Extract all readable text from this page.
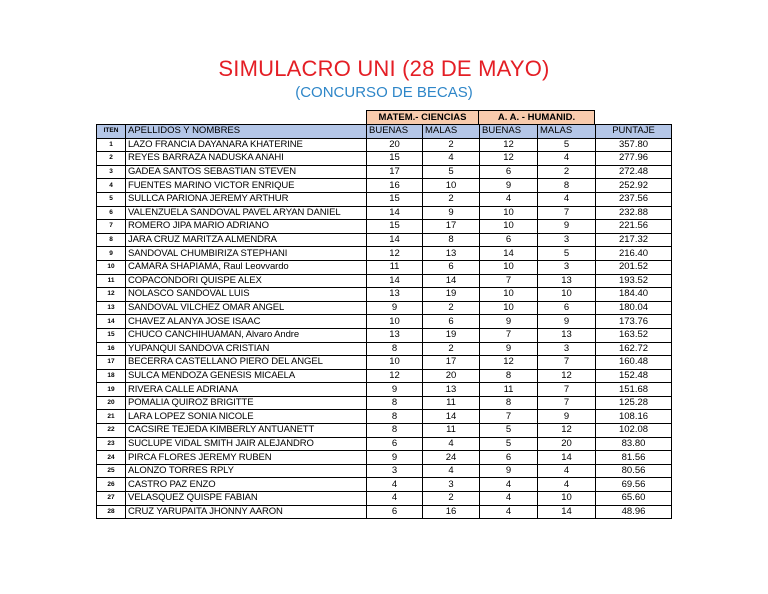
SIMULACRO UNI (28 DE MAYO)
(CONCURSO DE BECAS)
MATEM.- CIENCIAS	A. A. - HUMANID.
ITEN	APELLIDOS Y NOMBRES	BUENAS	MALAS	BUENAS	MALAS	PUNTAJE
1	LAZO FRANCIA DAYANARA KHATERINE	20	2	12	5	357.80
2	REYES BARRAZA NADUSKA ANAHI	15	4	12	4	277.96
3	GADEA SANTOS SEBASTIAN STEVEN	17	5	6	2	272.48
4	FUENTES MARINO VICTOR ENRIQUE	16	10	9	8	252.92
5	SULLCA PARIONA JEREMY ARTHUR	15	2	4	4	237.56
6	VALENZUELA SANDOVAL PAVEL ARYAN DANIEL	14	9	10	7	232.88
7	ROMERO JIPA MARIO ADRIANO	15	17	10	9	221.56
8	JARA CRUZ MARITZA ALMENDRA	14	8	6	3	217.32
9	SANDOVAL CHUMBIRIZA STEPHANI	12	13	14	5	216.40
10	CAMARA SHAPIAMA, Raul Leovvardo	11	6	10	3	201.52
11	COPACONDORI QUISPE ALEX	14	14	7	13	193.52
12	NOLASCO SANDOVAL LUIS	13	19	10	10	184.40
13	SANDOVAL VILCHEZ OMAR ANGEL	9	2	10	6	180.04
14	CHAVEZ ALANYA JOSE ISAAC	10	6	9	9	173.76
15	CHUCO CANCHIHUAMAN, Alvaro Andre	13	19	7	13	163.52
16	YUPANQUI SANDOVA CRISTIAN	8	2	9	3	162.72
17	BECERRA CASTELLANO PIERO DEL ANGEL	10	17	12	7	160.48
18	SULCA MENDOZA GENESIS MICAELA	12	20	8	12	152.48
19	RIVERA CALLE ADRIANA	9	13	11	7	151.68
20	POMALIA QUIROZ BRIGITTE	8	11	8	7	125.28
21	LARA LOPEZ SONIA NICOLE	8	14	7	9	108.16
22	CACSIRE TEJEDA KIMBERLY ANTUANETT	8	11	5	12	102.08
23	SUCLUPE VIDAL SMITH JAIR ALEJANDRO	6	4	5	20	83.80
24	PIRCA FLORES JEREMY RUBEN	9	24	6	14	81.56
25	ALONZO TORRES RPLY	3	4	9	4	80.56
26	CASTRO PAZ ENZO	4	3	4	4	69.56
27	VELASQUEZ QUISPE FABIAN	4	2	4	10	65.60
28	CRUZ YARUPAITA JHONNY AARON	6	16	4	14	48.96
